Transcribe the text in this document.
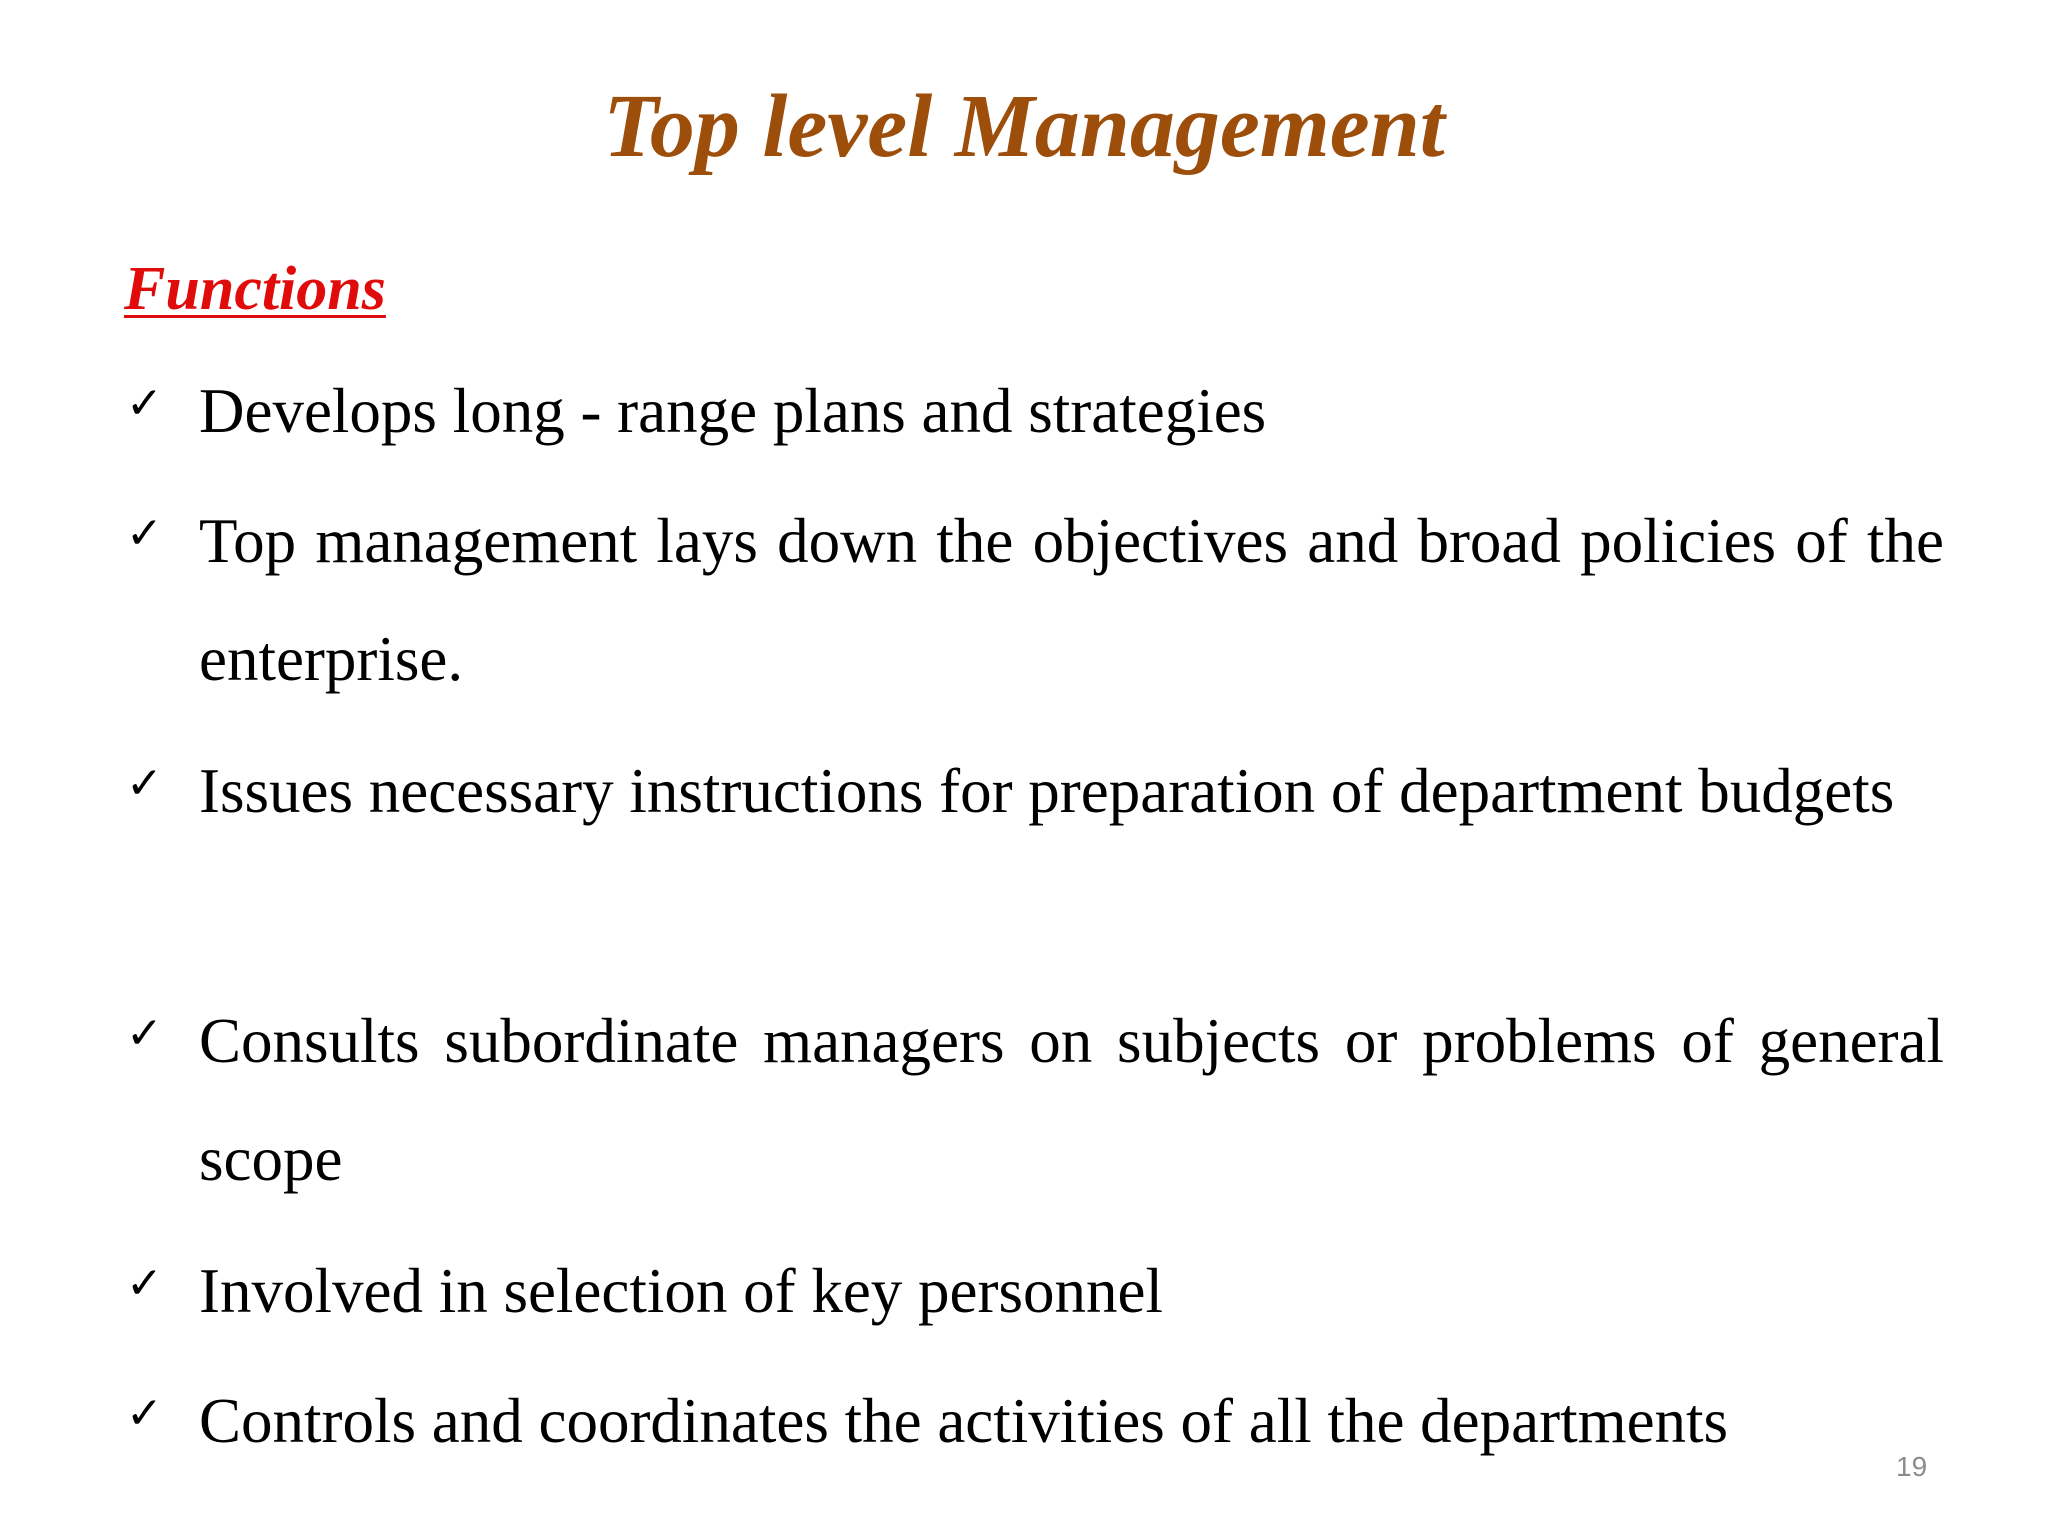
Top level Management
Functions
✓ Develops long - range plans and strategies
✓ Top management lays down the objectives and broad policies of the enterprise.
✓ Issues necessary instructions for preparation of department budgets
✓ Consults subordinate managers on subjects or problems of general scope
✓ Involved in selection of key personnel
✓ Controls and coordinates the activities of all the departments
19
